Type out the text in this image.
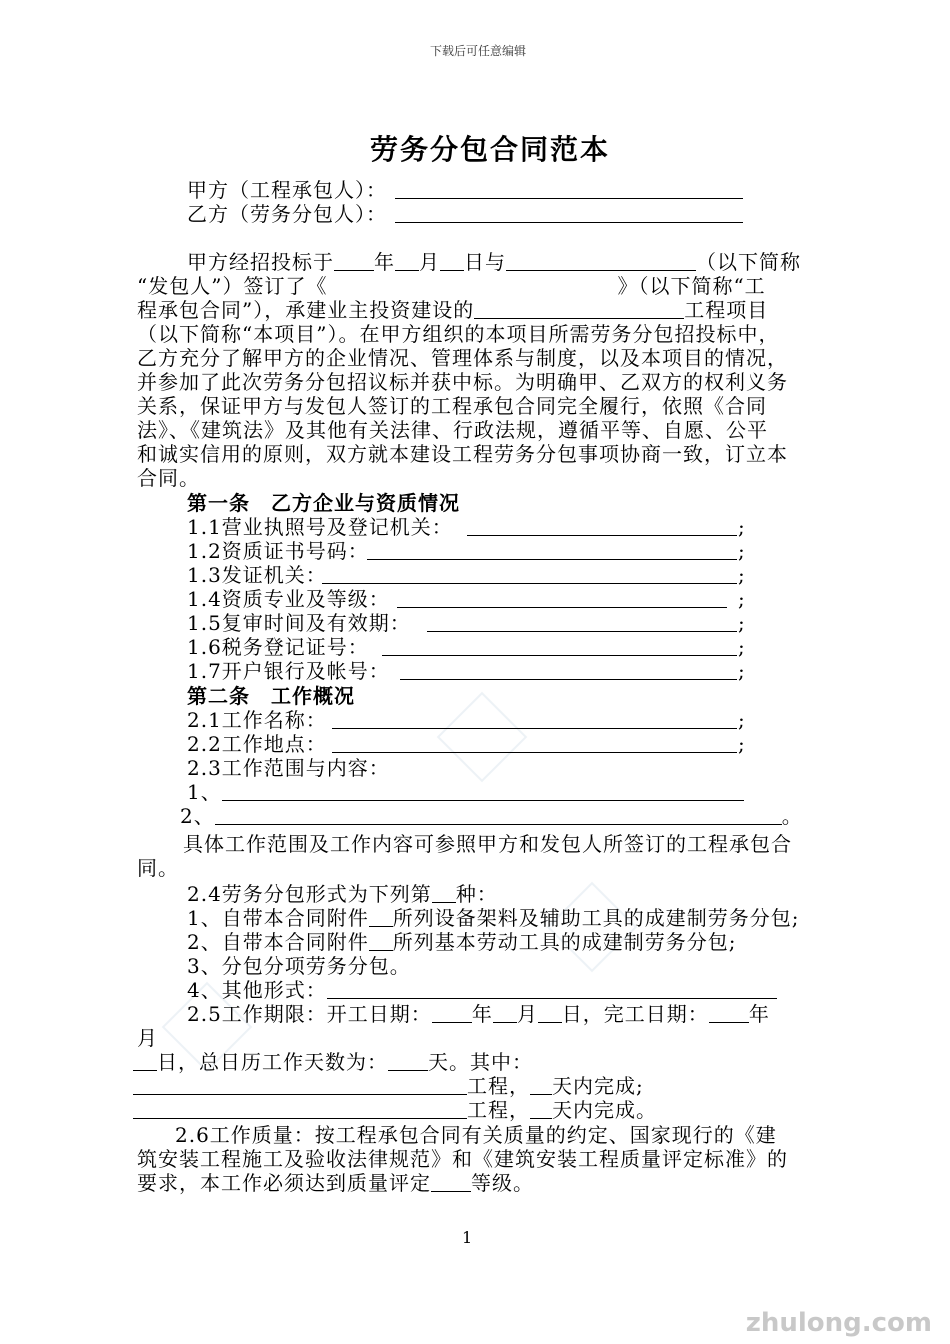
下载后可任意编辑
劳务分包合同范本
甲方（工程承包人）：
乙方（劳务分包人）：
甲方经招投标于 年 月 日与	（以下简称
“发包人”）签订了《	》（以下简称“工
程承包合同”），承建业主投资建设的	工程项目
（以下简称“本项目”）。在甲方组织的本项目所需劳务分包招投标中，
乙方充分了解甲方的企业情况、管理体系与制度，以及本项目的情况，
并参加了此次劳务分包招议标并获中标。为明确甲、乙双方的权利义务
关系，保证甲方与发包人签订的工程承包合同完全履行，依照《合同
法》、《建筑法》及其他有关法律、行政法规，遵循平等、自愿、公平
和诚实信用的原则，双方就本建设工程劳务分包事项协商一致，订立本
合同。
第一条　乙方企业与资质情况
1.1营业执照号及登记机关：	;
1.2资质证书号码：	;
1.3发证机关：	;
1.4资质专业及等级：	;
1.5复审时间及有效期：	;
1.6税务登记证号：	;
1.7开户银行及帐号：	;
第二条　工作概况
2.1工作名称：	;
2.2工作地点：	;
2.3工作范围与内容：
1、
2、	。
具体工作范围及工作内容可参照甲方和发包人所签订的工程承包合
同。
2.4劳务分包形式为下列第 种：
1、自带本合同附件 所列设备架料及辅助工具的成建制劳务分包;
2、自带本合同附件 所列基本劳动工具的成建制劳务分包;
3、分包分项劳务分包。
4、其他形式：
2.5工作期限：开工日期： 年 月 日，完工日期： 年
月
日，总日历工作天数为： 天。其中：
工程， 天内完成;
工程， 天内完成。
2.6工作质量：按工程承包合同有关质量的约定、国家现行的《建
筑安装工程施工及验收法律规范》和《建筑安装工程质量评定标准》的
要求，本工作必须达到质量评定 等级。
1
zhulong.com
